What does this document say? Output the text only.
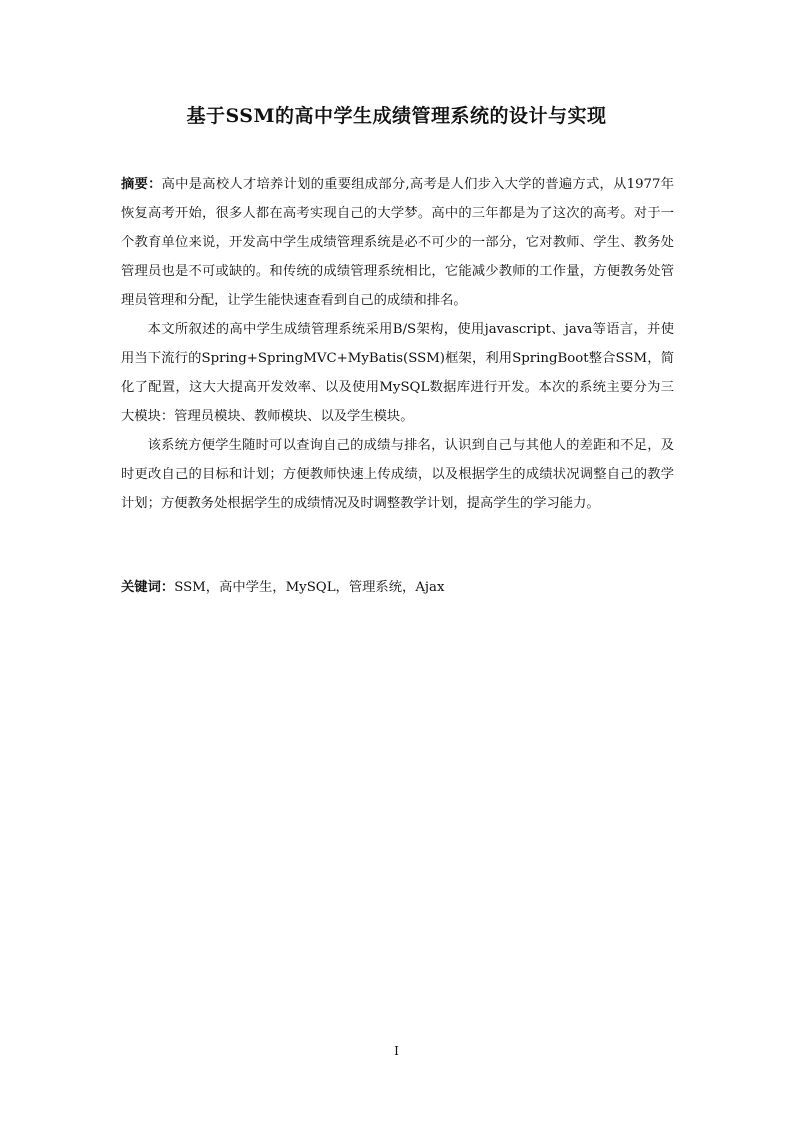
基于SSM的高中学生成绩管理系统的设计与实现

摘要：高中是高校人才培养计划的重要组成部分,高考是人们步入大学的普遍方式，从1977年恢复高考开始，很多人都在高考实现自己的大学梦。高中的三年都是为了这次的高考。对于一个教育单位来说，开发高中学生成绩管理系统是必不可少的一部分，它对教师、学生、教务处管理员也是不可或缺的。和传统的成绩管理系统相比，它能减少教师的工作量，方便教务处管理员管理和分配，让学生能快速查看到自己的成绩和排名。

本文所叙述的高中学生成绩管理系统采用B/S架构，使用javascript、java等语言，并使用当下流行的Spring+SpringMVC+MyBatis(SSM)框架，利用SpringBoot整合SSM，简化了配置，这大大提高开发效率、以及使用MySQL数据库进行开发。本次的系统主要分为三大模块：管理员模块、教师模块、以及学生模块。

该系统方便学生随时可以查询自己的成绩与排名，认识到自己与其他人的差距和不足，及时更改自己的目标和计划；方便教师快速上传成绩，以及根据学生的成绩状况调整自己的教学计划；方便教务处根据学生的成绩情况及时调整教学计划，提高学生的学习能力。

关键词：SSM，高中学生，MySQL，管理系统，Ajax
I
